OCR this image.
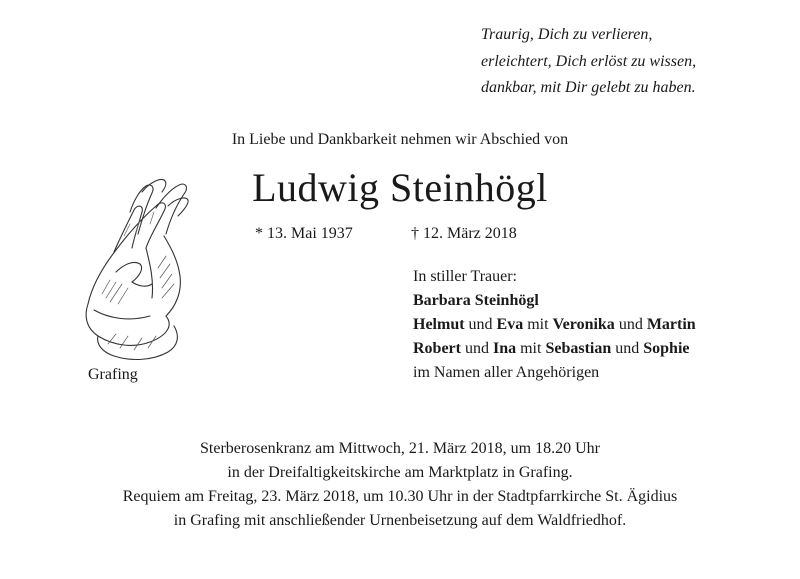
Traurig, Dich zu verlieren,
erleichtert, Dich erlöst zu wissen,
dankbar, mit Dir gelebt zu haben.
In Liebe und Dankbarkeit nehmen wir Abschied von
Ludwig Steinhögl
* 13. Mai 1937	† 12. März 2018
Grafing
In stiller Trauer:
Barbara Steinhögl
Helmut und Eva mit Veronika und Martin
Robert und Ina mit Sebastian und Sophie
im Namen aller Angehörigen
Sterberosenkranz am Mittwoch, 21. März 2018, um 18.20 Uhr
in der Dreifaltigkeitskirche am Marktplatz in Grafing.
Requiem am Freitag, 23. März 2018, um 10.30 Uhr in der Stadtpfarrkirche St. Ägidius
in Grafing mit anschließender Urnenbeisetzung auf dem Waldfriedhof.
